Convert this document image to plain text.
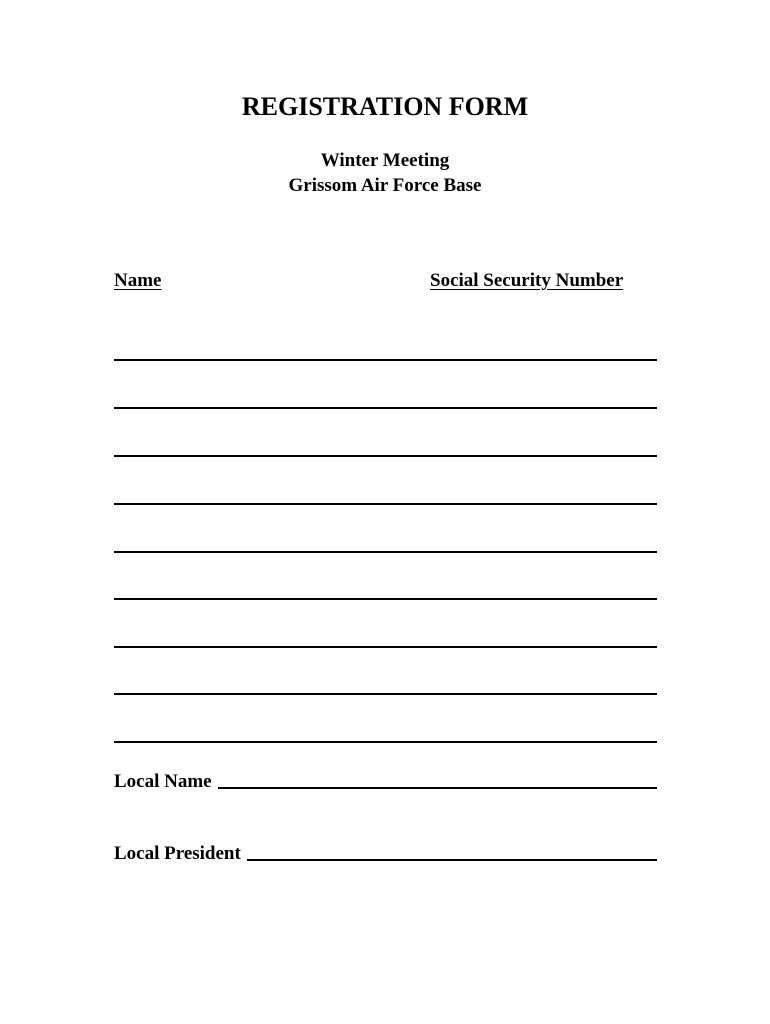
REGISTRATION FORM
Winter Meeting
Grissom Air Force Base
Name	Social Security Number
Local Name
Local President
